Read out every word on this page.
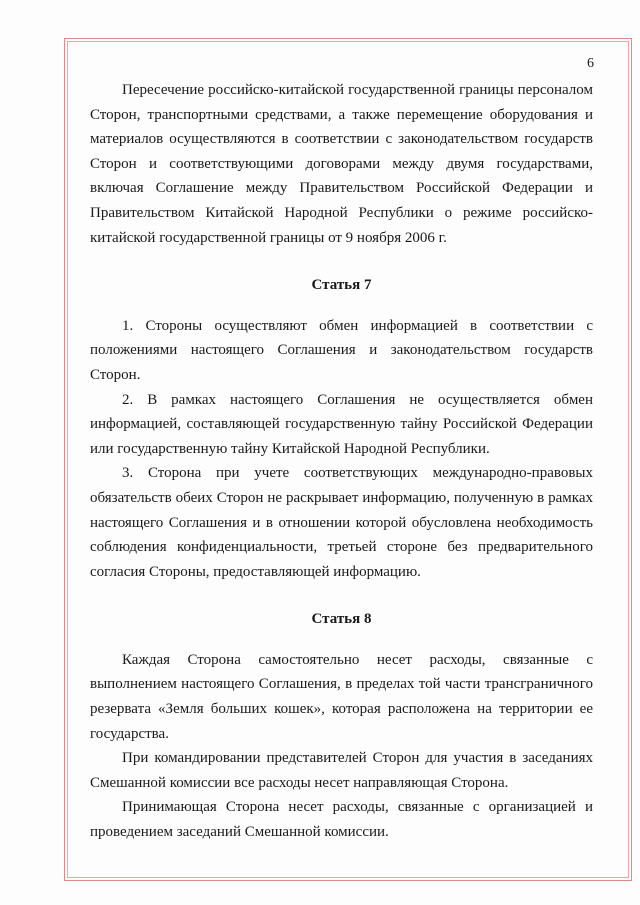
6

Пересечение российско-китайской государственной границы персоналом Сторон, транспортными средствами, а также перемещение оборудования и материалов осуществляются в соответствии с законодательством государств Сторон и соответствующими договорами между двумя государствами, включая Соглашение между Правительством Российской Федерации и Правительством Китайской Народной Республики о режиме российско-китайской государственной границы от 9 ноября 2006 г.

Статья 7

1. Стороны осуществляют обмен информацией в соответствии с положениями настоящего Соглашения и законодательством государств Сторон.

2. В рамках настоящего Соглашения не осуществляется обмен информацией, составляющей государственную тайну Российской Федерации или государственную тайну Китайской Народной Республики.

3. Сторона при учете соответствующих международно-правовых обязательств обеих Сторон не раскрывает информацию, полученную в рамках настоящего Соглашения и в отношении которой обусловлена необходимость соблюдения конфиденциальности, третьей стороне без предварительного согласия Стороны, предоставляющей информацию.

Статья 8

Каждая Сторона самостоятельно несет расходы, связанные с выполнением настоящего Соглашения, в пределах той части трансграничного резервата «Земля больших кошек», которая расположена на территории ее государства.

При командировании представителей Сторон для участия в заседаниях Смешанной комиссии все расходы несет направляющая Сторона.

Принимающая Сторона несет расходы, связанные с организацией и проведением заседаний Смешанной комиссии.
